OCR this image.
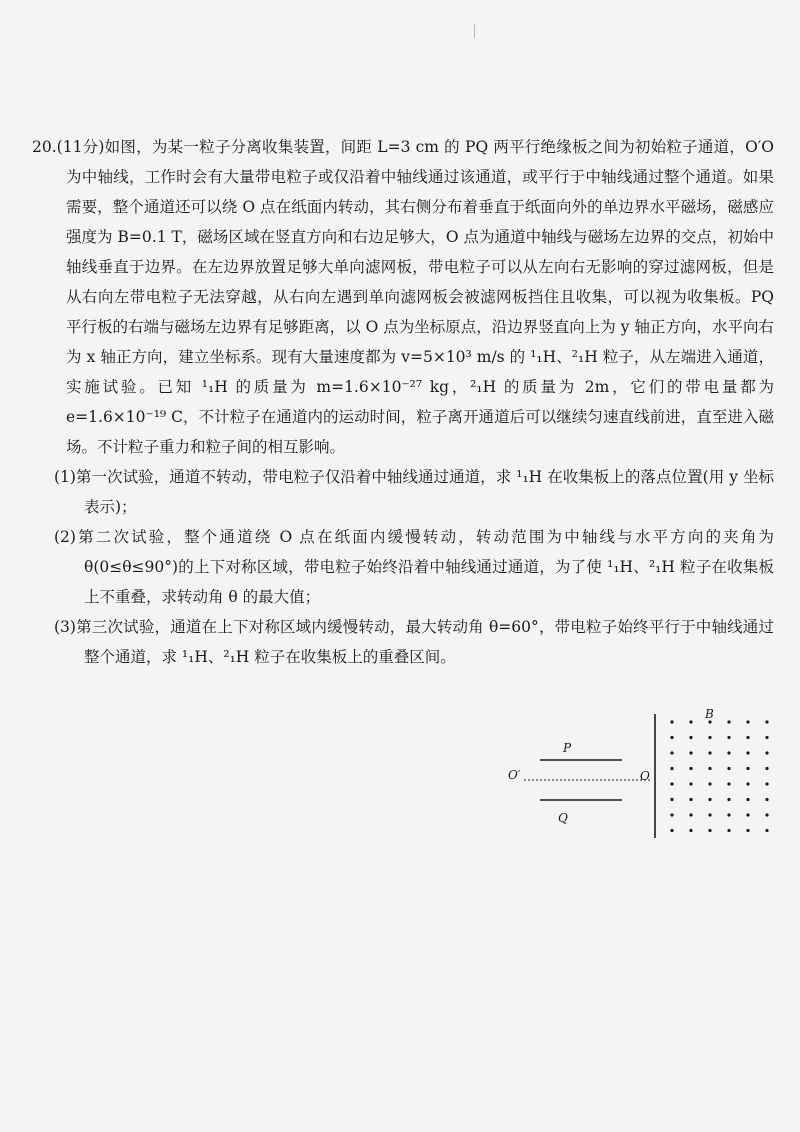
20.(11分)如图，为某一粒子分离收集装置，间距 L=3 cm 的 PQ 两平行绝缘板之间为初始粒子通道，O′O 为中轴线，工作时会有大量带电粒子或仅沿着中轴线通过该通道，或平行于中轴线通过整个通道。如果需要，整个通道还可以绕 O 点在纸面内转动，其右侧分布着垂直于纸面向外的单边界水平磁场，磁感应强度为 B=0.1 T，磁场区域在竖直方向和右边足够大，O 点为通道中轴线与磁场左边界的交点，初始中轴线垂直于边界。在左边界放置足够大单向滤网板，带电粒子可以从左向右无影响的穿过滤网板，但是从右向左带电粒子无法穿越，从右向左遇到单向滤网板会被滤网板挡住且收集，可以视为收集板。PQ 平行板的右端与磁场左边界有足够距离，以 O 点为坐标原点，沿边界竖直向上为 y 轴正方向，水平向右为 x 轴正方向，建立坐标系。现有大量速度都为 v=5×10³ m/s 的 ¹₁H、²₁H 粒子，从左端进入通道，实施试验。已知 ¹₁H 的质量为 m=1.6×10⁻²⁷ kg，²₁H 的质量为 2m，它们的带电量都为 e=1.6×10⁻¹⁹ C，不计粒子在通道内的运动时间，粒子离开通道后可以继续匀速直线前进，直至进入磁场。不计粒子重力和粒子间的相互影响。

(1)第一次试验，通道不转动，带电粒子仅沿着中轴线通过通道，求 ¹₁H 在收集板上的落点位置(用 y 坐标表示)；

(2)第二次试验，整个通道绕 O 点在纸面内缓慢转动，转动范围为中轴线与水平方向的夹角为 θ(0≤θ≤90°)的上下对称区域，带电粒子始终沿着中轴线通过通道，为了使 ¹₁H、²₁H 粒子在收集板上不重叠，求转动角 θ 的最大值；

(3)第三次试验，通道在上下对称区域内缓慢转动，最大转动角 θ=60°，带电粒子始终平行于中轴线通过整个通道，求 ¹₁H、²₁H 粒子在收集板上的重叠区间。

B
P
Q
O′	O
